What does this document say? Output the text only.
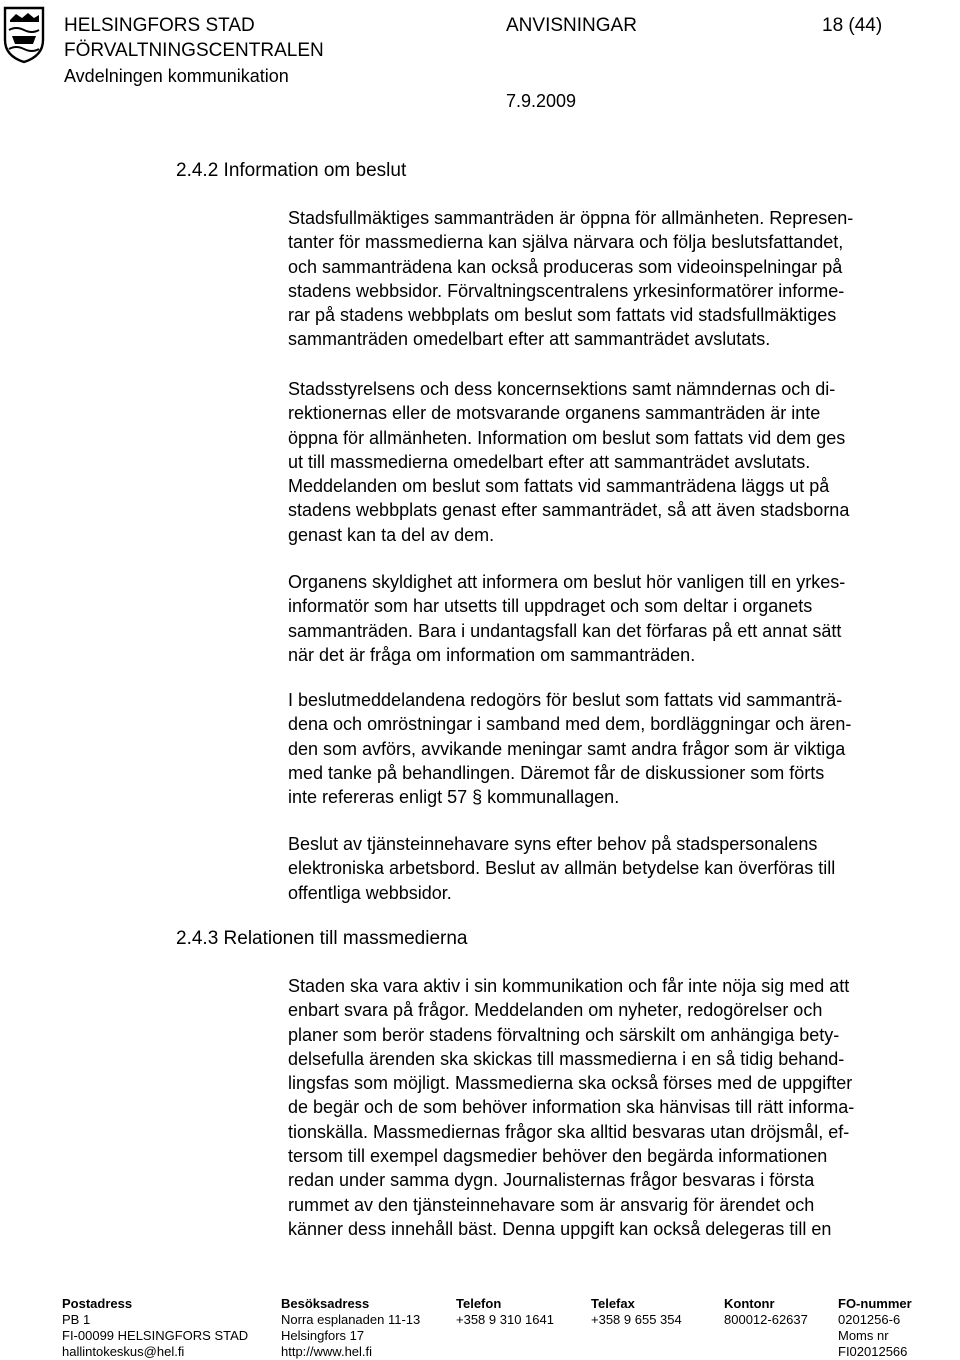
HELSINGFORS STAD
FÖRVALTNINGSCENTRALEN
Avdelningen kommunikation
ANVISNINGAR	18 (44)
7.9.2009
2.4.2 Information om beslut
Stadsfullmäktiges sammanträden är öppna för allmänheten. Represen-
tanter för massmedierna kan själva närvara och följa beslutsfattandet,
och sammanträdena kan också produceras som videoinspelningar på
stadens webbsidor. Förvaltningscentralens yrkesinformatörer informe-
rar på stadens webbplats om beslut som fattats vid stadsfullmäktiges
sammanträden omedelbart efter att sammanträdet avslutats.
Stadsstyrelsens och dess koncernsektions samt nämndernas och di-
rektionernas eller de motsvarande organens sammanträden är inte
öppna för allmänheten. Information om beslut som fattats vid dem ges
ut till massmedierna omedelbart efter att sammanträdet avslutats.
Meddelanden om beslut som fattats vid sammanträdena läggs ut på
stadens webbplats genast efter sammanträdet, så att även stadsborna
genast kan ta del av dem.
Organens skyldighet att informera om beslut hör vanligen till en yrkes-
informatör som har utsetts till uppdraget och som deltar i organets
sammanträden. Bara i undantagsfall kan det förfaras på ett annat sätt
när det är fråga om information om sammanträden.
I beslutmeddelandena redogörs för beslut som fattats vid sammanträ-
dena och omröstningar i samband med dem, bordläggningar och ären-
den som avförs, avvikande meningar samt andra frågor som är viktiga
med tanke på behandlingen. Däremot får de diskussioner som förts
inte refereras enligt 57 § kommunallagen.
Beslut av tjänsteinnehavare syns efter behov på stadspersonalens
elektroniska arbetsbord. Beslut av allmän betydelse kan överföras till
offentliga webbsidor.
2.4.3 Relationen till massmedierna
Staden ska vara aktiv i sin kommunikation och får inte nöja sig med att
enbart svara på frågor. Meddelanden om nyheter, redogörelser och
planer som berör stadens förvaltning och särskilt om anhängiga bety-
delsefulla ärenden ska skickas till massmedierna i en så tidig behand-
lingsfas som möjligt. Massmedierna ska också förses med de uppgifter
de begär och de som behöver information ska hänvisas till rätt informa-
tionskälla. Massmediernas frågor ska alltid besvaras utan dröjsmål, ef-
tersom till exempel dagsmedier behöver den begärda informationen
redan under samma dygn. Journalisternas frågor besvaras i första
rummet av den tjänsteinnehavare som är ansvarig för ärendet och
känner dess innehåll bäst. Denna uppgift kan också delegeras till en
Postadress
PB 1
FI-00099 HELSINGFORS STAD
hallintokeskus@hel.fi
Besöksadress
Norra esplanaden 11-13
Helsingfors 17
http://www.hel.fi
Telefon
+358 9 310 1641
Telefax
+358 9 655 354
Kontonr
800012-62637
FO-nummer
0201256-6
Moms nr
FI02012566
